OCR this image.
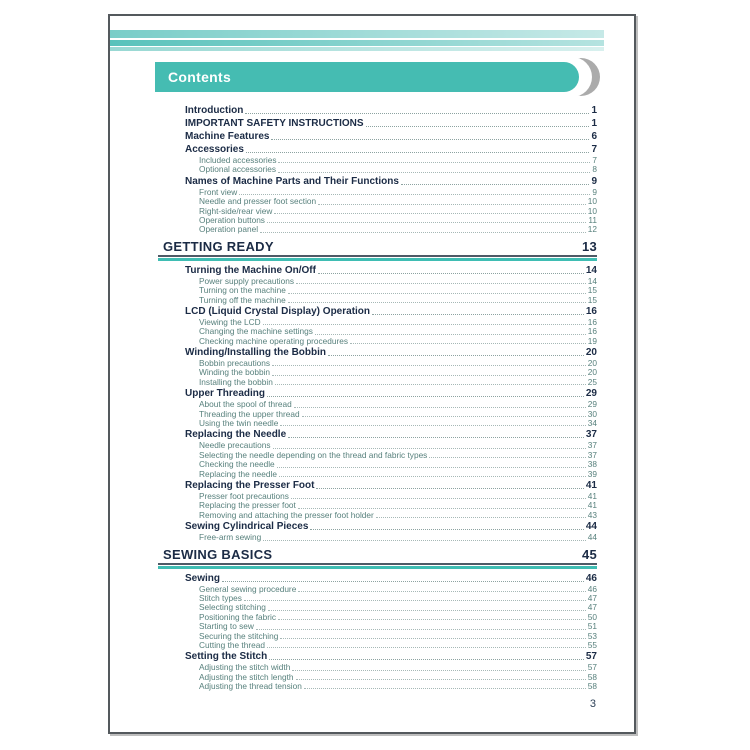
Contents
Introduction	1
IMPORTANT SAFETY INSTRUCTIONS	1
Machine Features	6
Accessories	7
Included accessories	7
Optional accessories	8
Names of Machine Parts and Their Functions	9
Front view	9
Needle and presser foot section	10
Right-side/rear view	10
Operation buttons	11
Operation panel	12
GETTING READY	13
Turning the Machine On/Off	14
Power supply precautions	14
Turning on the machine	15
Turning off the machine	15
LCD (Liquid Crystal Display) Operation	16
Viewing the LCD	16
Changing the machine settings	16
Checking machine operating procedures	19
Winding/Installing the Bobbin	20
Bobbin precautions	20
Winding the bobbin	20
Installing the bobbin	25
Upper Threading	29
About the spool of thread	29
Threading the upper thread	30
Using the twin needle	34
Replacing the Needle	37
Needle precautions	37
Selecting the needle depending on the thread and fabric types	37
Checking the needle	38
Replacing the needle	39
Replacing the Presser Foot	41
Presser foot precautions	41
Replacing the presser foot	41
Removing and attaching the presser foot holder	43
Sewing Cylindrical Pieces	44
Free-arm sewing	44
SEWING BASICS	45
Sewing	46
General sewing procedure	46
Stitch types	47
Selecting stitching	47
Positioning the fabric	50
Starting to sew	51
Securing the stitching	53
Cutting the thread	55
Setting the Stitch	57
Adjusting the stitch width	57
Adjusting the stitch length	58
Adjusting the thread tension	58
3
